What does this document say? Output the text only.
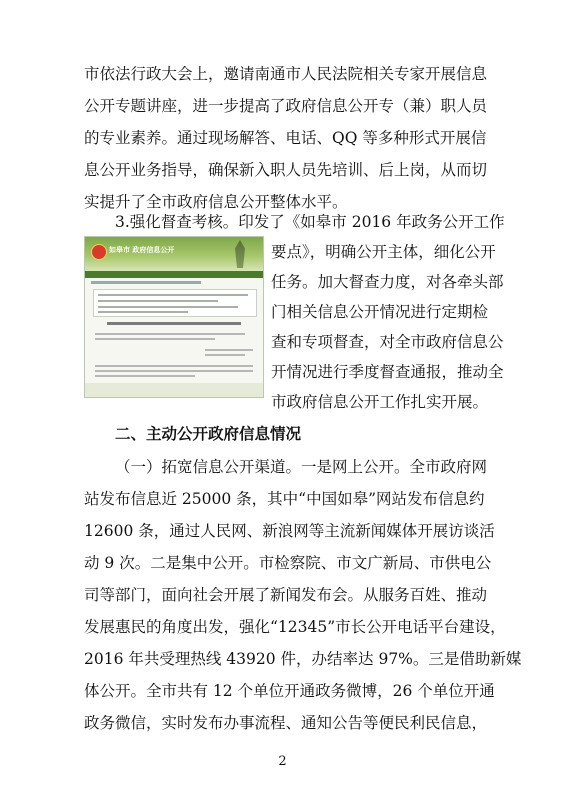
市依法行政大会上，邀请南通市人民法院相关专家开展信息
公开专题讲座，进一步提高了政府信息公开专（兼）职人员
的专业素养。通过现场解答、电话、QQ 等多种形式开展信
息公开业务指导，确保新入职人员先培训、后上岗，从而切
实提升了全市政府信息公开整体水平。
3.强化督查考核。印发了《如皋市 2016 年政务公开工作
要点》，明确公开主体，细化公开
任务。加大督查力度，对各牵头部
门相关信息公开情况进行定期检
查和专项督查，对全市政府信息公
开情况进行季度督查通报，推动全
市政府信息公开工作扎实开展。
如皋市 政府信息公开
二、主动公开政府信息情况
（一）拓宽信息公开渠道。一是网上公开。全市政府网
站发布信息近 25000 条，其中“中国如皋”网站发布信息约
12600 条，通过人民网、新浪网等主流新闻媒体开展访谈活
动 9 次。二是集中公开。市检察院、市文广新局、市供电公
司等部门，面向社会开展了新闻发布会。从服务百姓、推动
发展惠民的角度出发，强化“12345”市长公开电话平台建设，
2016 年共受理热线 43920 件，办结率达 97%。三是借助新媒
体公开。全市共有 12 个单位开通政务微博，26 个单位开通
政务微信，实时发布办事流程、通知公告等便民利民信息，
2
